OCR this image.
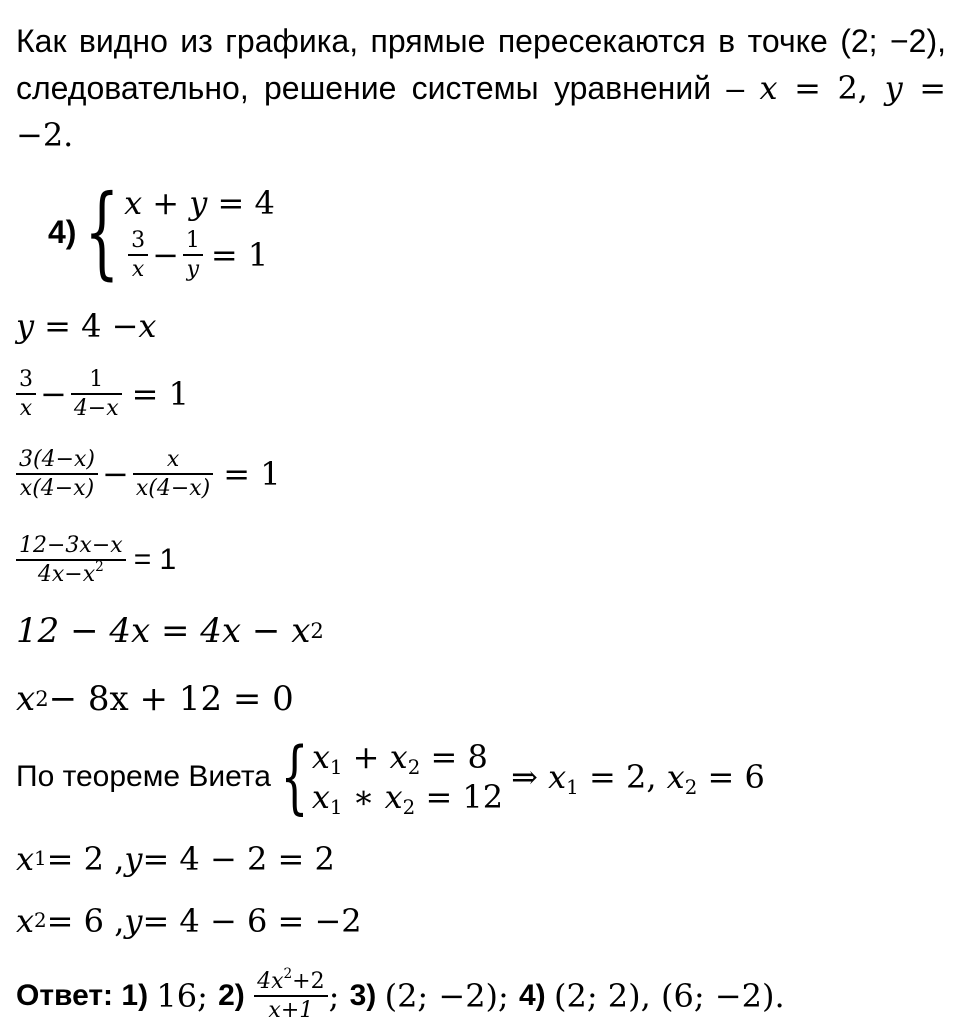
Как видно из графика, прямые пересекаются в точке (2; −2), следовательно, решение системы уравнений – x = 2, y = −2.
4) { x + y = 4
$\frac{3}{x} - \frac{1}{y} = 1$
y = 4 − x
$\frac{3}{x} - \frac{1}{4-x} = 1$
$\frac{3(4-x)}{x(4-x)} - \frac{x}{x(4-x)} = 1$
$\frac{12-3x-x}{4x-x^2} = 1$
12 − 4x = 4x − x 2
x 2 − 8x + 12 = 0
По теореме Виета { $x_1 + x_2 = 8$
$x_1$ ∗ $x_2 = 12$
⇒ $x_1 = 2$, $x_2 = 6$
x 1 = 2 , y = 4 − 2 = 2
x 2 = 6 , y = 4 − 6 = −2
Ответ: 1) 16; $2) \frac{4x^2+2}{x+1}$ ; 3) (2; −2); 4) (2; 2), (6; −2).
